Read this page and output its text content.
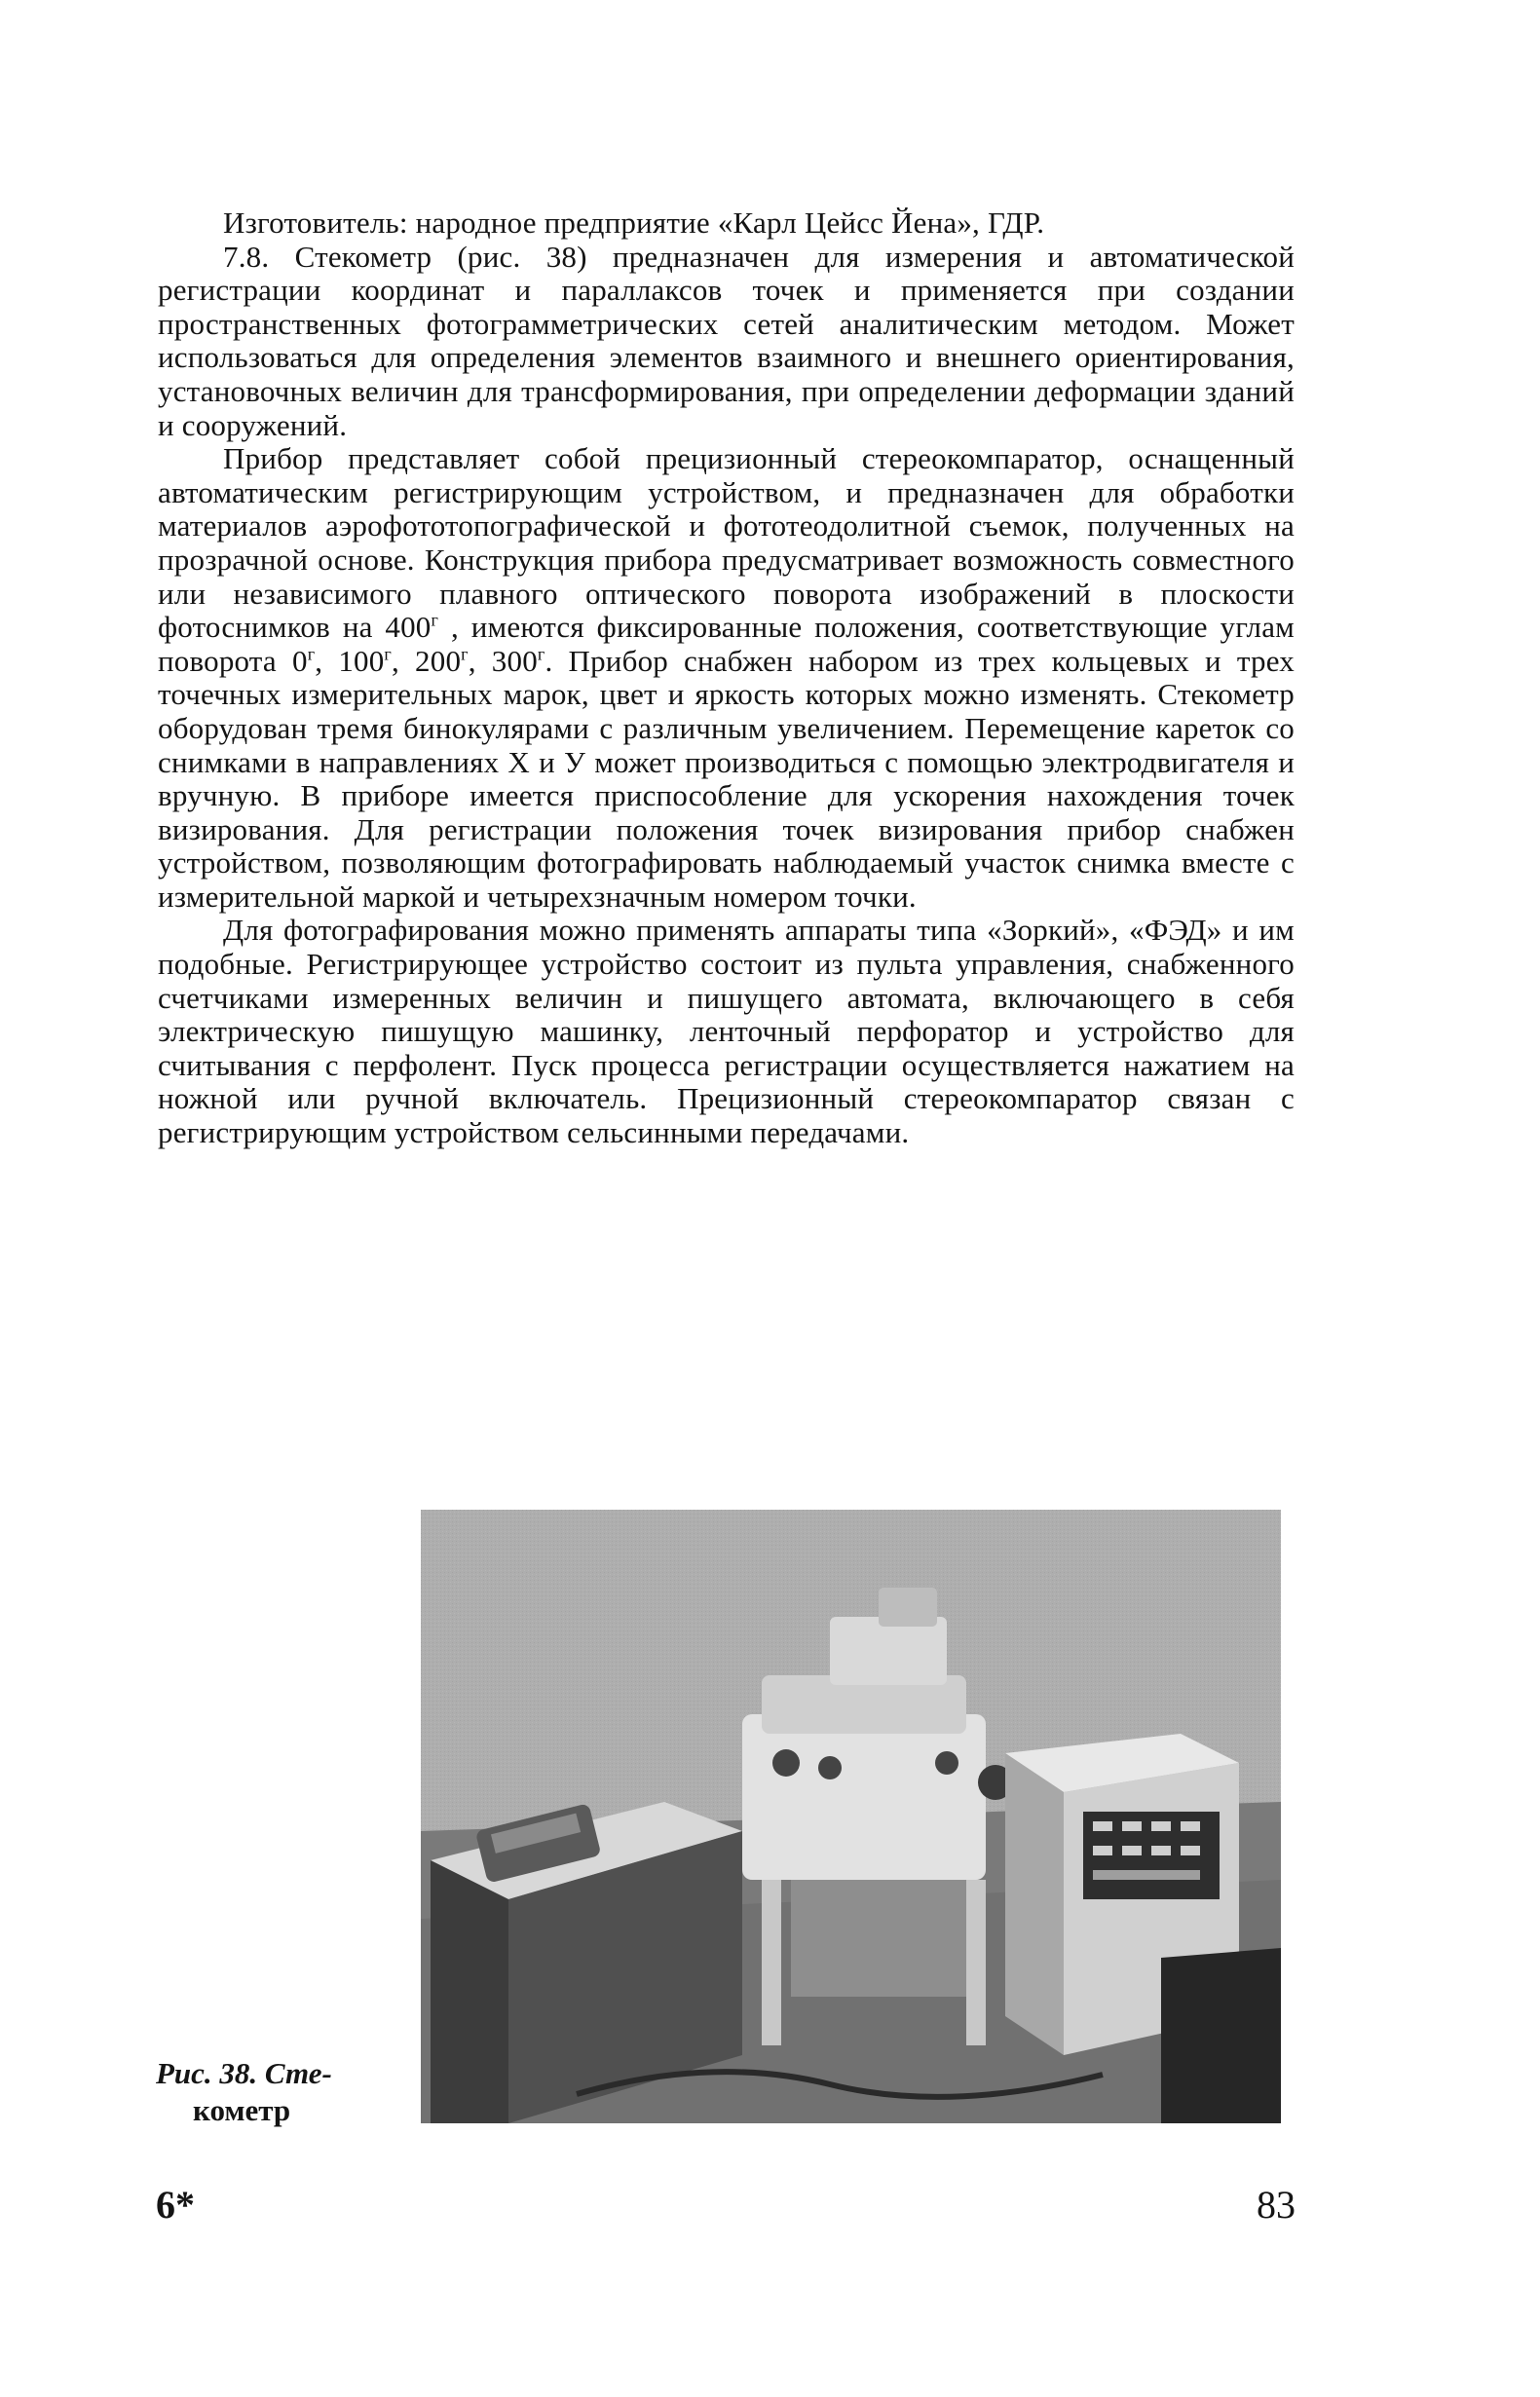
Изготовитель: народное предприятие «Карл Цейсс Йена», ГДР.

7.8. Стекометр (рис. 38) предназначен для измерения и автоматической регистрации координат и параллаксов точек и применяется при создании пространственных фотограмметрических сетей аналитическим методом. Может использоваться для определения элементов взаимного и внешнего ориентирования, установочных величин для трансформирования, при определении деформации зданий и сооружений.

Прибор представляет собой прецизионный стереокомпаратор, оснащенный автоматическим регистрирующим устройством, и предназначен для обработки материалов аэрофототопографической и фототеодолитной съемок, полученных на прозрачной основе. Конструкция прибора предусматривает возможность совместного или независимого плавного оптического поворота изображений в плоскости фотоснимков на $400^г$ , имеются фиксированные положения, соответствующие углам поворота $0^г$, $100^г$, $200^г$, $300^г$. Прибор снабжен набором из трех кольцевых и трех точечных измерительных марок, цвет и яркость которых можно изменять. Стекометр оборудован тремя бинокулярами с различным увеличением. Перемещение кареток со снимками в направлениях X и У может производиться с помощью электродвигателя и вручную. В приборе имеется приспособление для ускорения нахождения точек визирования. Для регистрации положения точек визирования прибор снабжен устройством, позволяющим фотографировать наблюдаемый участок снимка вместе с измерительной маркой и четырехзначным номером точки.

Для фотографирования можно применять аппараты типа «Зоркий», «ФЭД» и им подобные. Регистрирующее устройство состоит из пульта управления, снабженного счетчиками измеренных величин и пишущего автомата, включающего в себя электрическую пишущую машинку, ленточный перфоратор и устройство для считывания с перфолент. Пуск процесса регистрации осуществляется нажатием на ножной или ручной включатель. Прецизионный стереокомпаратор связан с регистрирующим устройством сельсинными передачами.

Рис. 38. Сте-

кометр
6*	83
